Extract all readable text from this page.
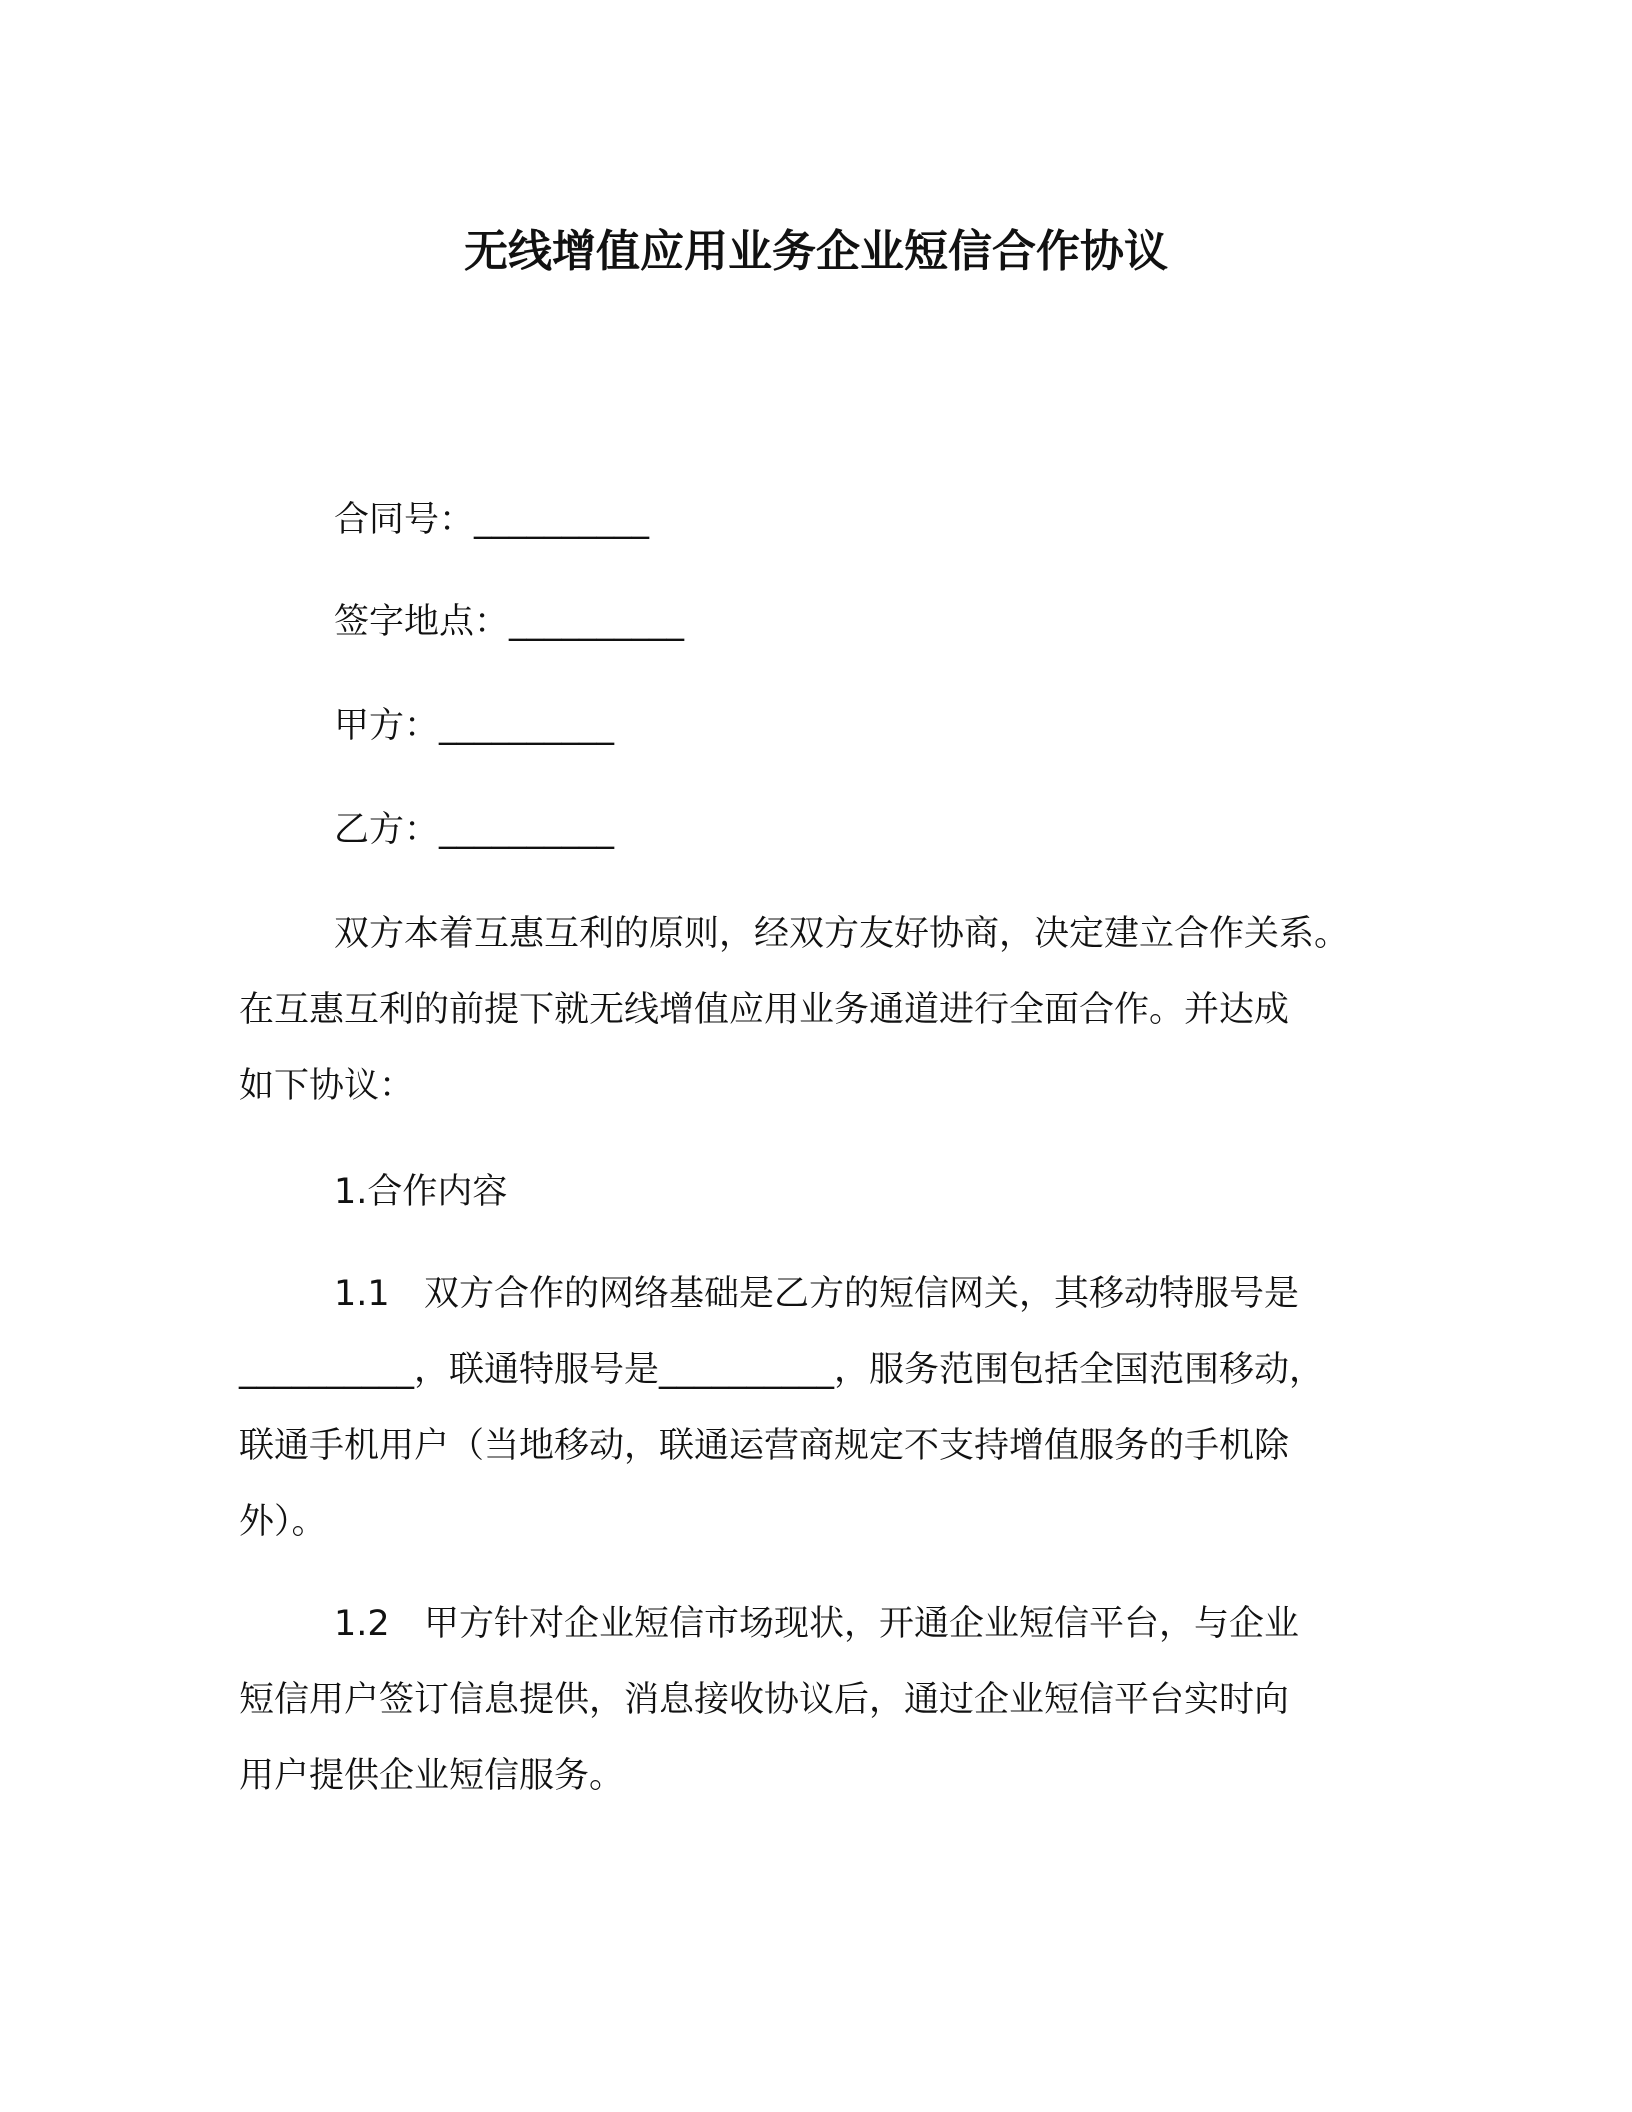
无线增值应用业务企业短信合作协议
合同号：__________
签字地点：__________
甲方：__________
乙方：__________
双方本着互惠互利的原则，经双方友好协商，决定建立合作关系。
在互惠互利的前提下就无线增值应用业务通道进行全面合作。并达成
如下协议：
1.合作内容
1.1 双方合作的网络基础是乙方的短信网关，其移动特服号是
__________，联通特服号是__________，服务范围包括全国范围移动，
联通手机用户（当地移动，联通运营商规定不支持增值服务的手机除
外）。
1.2 甲方针对企业短信市场现状，开通企业短信平台，与企业
短信用户签订信息提供，消息接收协议后，通过企业短信平台实时向
用户提供企业短信服务。
